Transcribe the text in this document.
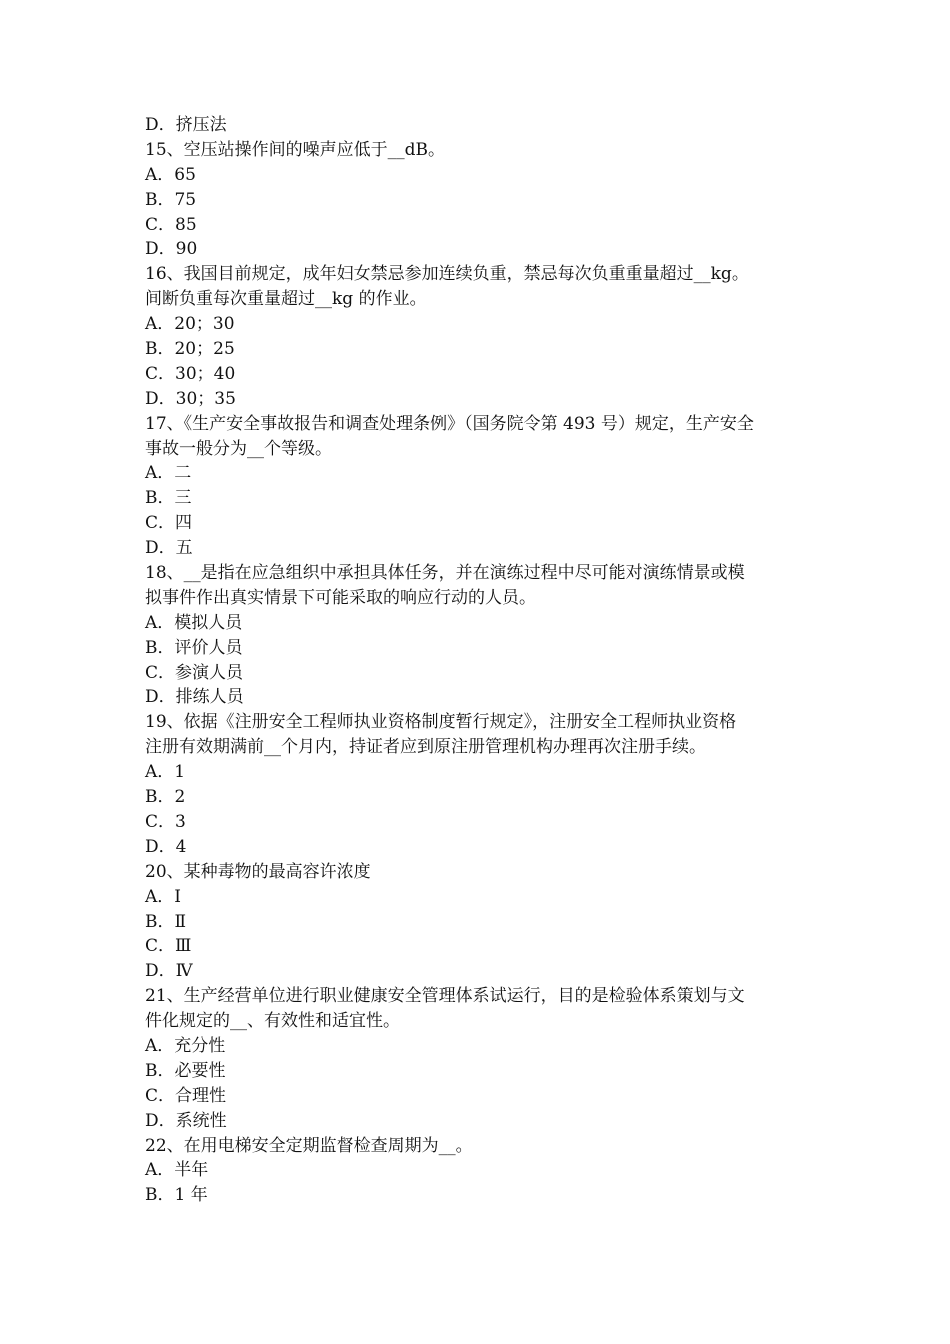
D．挤压法
15、空压站操作间的噪声应低于__dB。
A．65
B．75
C．85
D．90
16、我国目前规定，成年妇女禁忌参加连续负重，禁忌每次负重重量超过__kg。
间断负重每次重量超过__kg 的作业。
A．20；30
B．20；25
C．30；40
D．30；35
17、《生产安全事故报告和调查处理条例》（国务院令第 493 号）规定，生产安全
事故一般分为__个等级。
A．二
B．三
C．四
D．五
18、__是指在应急组织中承担具体任务，并在演练过程中尽可能对演练情景或模
拟事件作出真实情景下可能采取的响应行动的人员。
A．模拟人员
B．评价人员
C．参演人员
D．排练人员
19、依据《注册安全工程师执业资格制度暂行规定》，注册安全工程师执业资格
注册有效期满前__个月内，持证者应到原注册管理机构办理再次注册手续。
A．1
B．2
C．3
D．4
20、某种毒物的最高容许浓度
A．Ⅰ
B．Ⅱ
C．Ⅲ
D．Ⅳ
21、生产经营单位进行职业健康安全管理体系试运行，目的是检验体系策划与文
件化规定的__、有效性和适宜性。
A．充分性
B．必要性
C．合理性
D．系统性
22、在用电梯安全定期监督检查周期为__。
A．半年
B．1 年
